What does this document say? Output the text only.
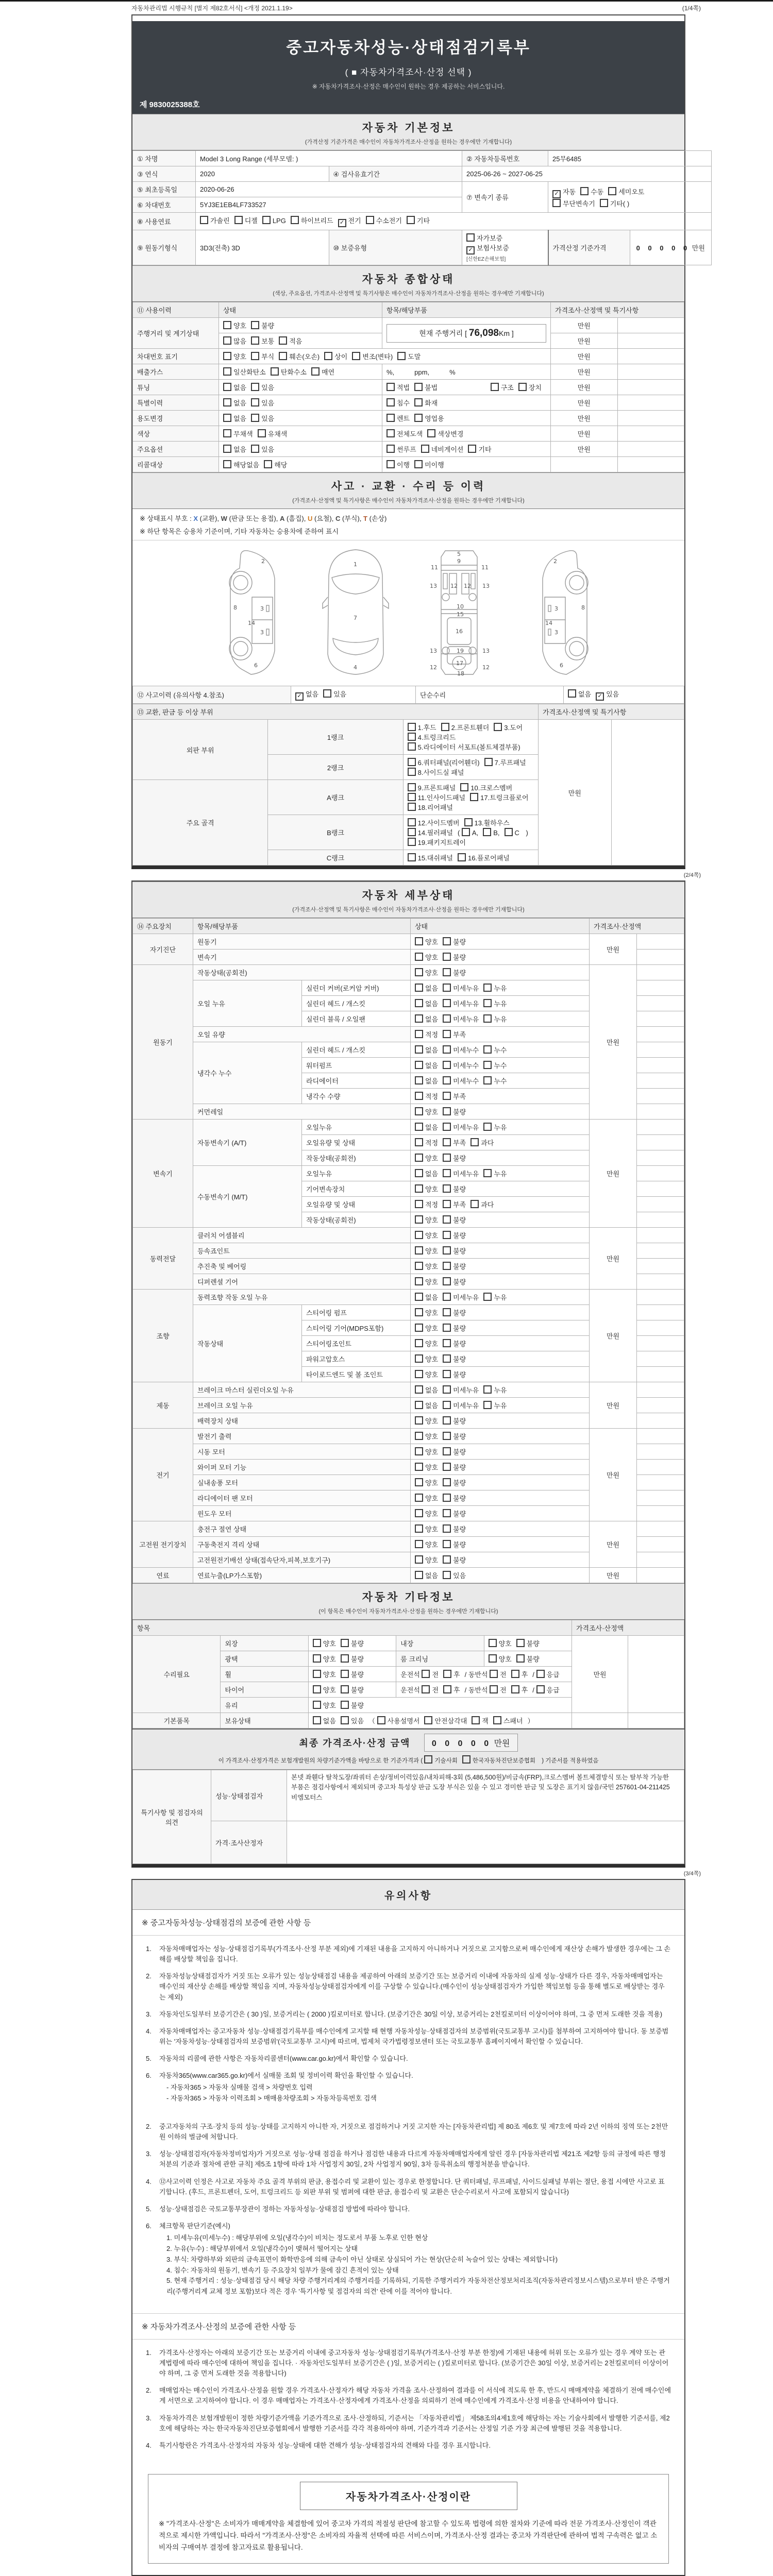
자동차관리법 시행규칙 [별지 제82호서식] <개정 2021.1.19>	(1/4쪽)
중고자동차성능·상태점검기록부
( ■ 자동차가격조사·산정 선택 )
※ 자동차가격조사·산정은 매수인이 원하는 경우 제공하는 서비스입니다.
제 9830025388호
자동차 기본정보
(가격산정 기준가격은 매수인이 자동차가격조사·산정을 원하는 경우에만 기재합니다)
① 차명	Model 3 Long Range (세부모델: )		② 자동차등록번호	25무6485	
③ 연식	2020	④ 검사유효기간	2025-06-26 ~ 2027-06-25		
⑤ 최초등록일	2020-06-26		⑦ 변속기 종류	✓ 자동 수동 세미오토
무단변속기 기타( )	
⑥ 차대번호	5YJ3E1EB4LF733527				
⑧ 사용연료	가솔린 디젤 LPG 하이브리드 ✓ 전기 수소전기 기타				
⑨ 원동기형식	3D3(전축) 3D	⑩ 보증유형	자가보증✓ 보험사보증 [신한EZ손해보험]	가격산정 기준가격	0 0 0 0 0 만원
자동차 종합상태
(색상, 주요옵션, 가격조사·산정액 및 특기사항은 매수인이 자동차가격조사·산정을 원하는 경우에만 기재합니다)
⑪ 사용이력	상태	항목/해당부품	가격조사·산정액 및 특기사항	
주행거리 및 계기상태	양호 불량	현재 주행거리 [ 76,098Km ]	만원	
	많음 보통 적음		만원	
차대번호 표기	양호 부식 훼손(오손) 상이 변조(변타) 도말		만원	
배출가스	일산화탄소 탄화수소 매연	%,　　　ppm,　　　%	만원	
튜닝	없음 있음	적법 불법 구조 장치	만원	
특별이력	없음 있음	침수 화재	만원	
용도변경	없음 있음	렌트 영업용	만원	
색상	무채색 유채색	전체도색 색상변경	만원	
주요옵션	없음 있음	썬루프 네비게이션 기타	만원	
리콜대상	해당없음 해당	이행 미이행		
사고 · 교환 · 수리 등 이력
(가격조사·산정액 및 특기사항은 매수인이 자동차가격조사·산정을 원하는 경우에만 기재합니다)
※ 상태표시 부호 : X (교환), W (판금 또는 용접), A (흠집), U (요철), C (부식), T (손상)
※ 하단 항목은 승용차 기준이며, 기타 자동차는 승용차에 준하여 표시
2
8	3
14
3
6
1
7
4
5
9
11	11
13	13
12 12
10
15
16
19
13	13
12	12
17
18
2
8
3
14
3
6
⑫ 사고이력 (유의사항 4.참조)	✓ 없음 있음	단순수리	없음 ✓ 있음
⑬ 교환, 판금 등 이상 부위			가격조사·산정액 및 특기사항	
외판 부위	1랭크	1.후드 2.프론트휀더 3.도어4.트렁크리드
5.라디에이터 서포트(볼트체결부품)	만원	
	2랭크	6.쿼터패널(리어휀더) 7.루프패널8.사이드실 패널		
주요 골격	A랭크	9.프론트패널 10.크로스멤버11.인사이드패널 17.트렁크플로어
18.리어패널		
	B랭크	12.사이드멤버 13.휠하우스14.필러패널 ( A, B, C )
19.패키지트레이		
	C랭크	15.대쉬패널 16.플로어패널		
(2/4쪽)
자동차 세부상태
(가격조사·산정액 및 특기사항은 매수인이 자동차가격조사·산정을 원하는 경우에만 기재합니다)
⑭ 주요장치	항목/해당부품		상태	가격조사·산정액	
자기진단	원동기		양호 불량	만원	
	변속기		양호 불량		
원동기	작동상태(공회전)		양호 불량	만원	
	오일 누유	실린더 커버(로커암 커버)	없음 미세누유 누유		
		실린더 헤드 / 개스킷	없음 미세누유 누유		
		실린더 블록 / 오일팬	없음 미세누유 누유		
	오일 유량		적정 부족		
	냉각수 누수	실린더 헤드 / 개스킷	없음 미세누수 누수		
		워터펌프	없음 미세누수 누수		
		라디에이터	없음 미세누수 누수		
		냉각수 수량	적정 부족		
	커먼레일		양호 불량		
변속기	자동변속기 (A/T)	오일누유	없음 미세누유 누유	만원	
		오일유량 및 상태	적정 부족 과다		
		작동상태(공회전)	양호 불량		
	수동변속기 (M/T)	오일누유	없음 미세누유 누유		
		기어변속장치	양호 불량		
		오일유량 및 상태	적정 부족 과다		
		작동상태(공회전)	양호 불량		
동력전달	클러치 어셈블리		양호 불량	만원	
	등속죠인트		양호 불량		
	추진축 및 베어링		양호 불량		
	디퍼렌셜 기어		양호 불량		
조향	동력조향 작동 오일 누유		없음 미세누유 누유	만원	
	작동상태	스티어링 펌프	양호 불량		
		스티어링 기어(MDPS포함)	양호 불량		
		스티어링조인트	양호 불량		
		파워고압호스	양호 불량		
		타이로드엔드 및 볼 조인트	양호 불량		
제동	브레이크 마스터 실린더오일 누유		없음 미세누유 누유	만원	
	브레이크 오일 누유		없음 미세누유 누유		
	배력장치 상태		양호 불량		
전기	발전기 출력		양호 불량	만원	
	시동 모터		양호 불량		
	와이퍼 모터 기능		양호 불량		
	실내송풍 모터		양호 불량		
	라디에이터 팬 모터		양호 불량		
	윈도우 모터		양호 불량		
고전원 전기장치	충전구 절연 상태		양호 불량	만원	
	구동축전지 격리 상태		양호 불량		
	고전원전기배선 상태(접속단자,피복,보호기구)		양호 불량		
연료	연료누출(LP가스포함)		없음 있음	만원	
자동차 기타정보
(이 항목은 매수인이 자동차가격조사·산정을 원하는 경우에만 기재합니다)
항목					가격조사·산정액	
수리필요	외장	양호 불량	내장	양호 불량	만원	
	광택	양호 불량	룸 크리닝	양호 불량		
	휠	양호 불량	운전석 전 후 / 동반석 전 후 / 응급			
	타이어	양호 불량	운전석 전 후 / 동반석 전 후 / 응급			
	유리	양호 불량				
기본품목	보유상태	없음 있음 （ 사용설명서 안전삼각대 잭 스패너 ）				
최종 가격조사·산정 금액	0 0 0 0 0 만원
이 가격조사·산정가격은 보험개발원의 차량기준가액을 바탕으로 한 기준가격과 ( 기술사회	한국자동차진단보증협회 ) 기준서를 적용하였음
특기사항 및 점검자의 의견	성능·상태점검자	본넷 좌휀다 탈착도장/좌쿼터 손상/정비이력있음/내차피해-3회 (5,486,500원)/비금속(FRP),크로스멤버 볼트체결방식 또는 탈부착 가능한 부품은 점검사항에서 제외되며 중고차 특성상 판금 도장 부식은 있을 수 있고 경미한 판금 및 도장은 표기치 않음/국민 257601-04-211425 비엠모터스
	가격·조사산정자	
(3/4쪽)
유의사항
※ 중고자동차성능·상태점검의 보증에 관한 사항 등
1.	자동차매매업자는 성능·상태점검기록부(가격조사·산정 부분 제외)에 기재된 내용을 고지하지 아니하거나 거짓으로 고지함으로써 매수인에게 재산상 손해가 발생한 경우에는 그 손해를 배상할 책임을 집니다.
2.	자동차성능상태점검자가 거짓 또는 오류가 있는 성능상태점검 내용을 제공하여 아래의 보증기간 또는 보증거리 이내에 자동차의 실제 성능·상태가 다른 경우, 자동차매매업자는 매수인의 재산상 손해를 배상할 책임을 지며, 자동차성능상태점검자에게 이를 구상할 수 있습니다.(매수인이 성능상태점검자가 가입한 책임보험 등을 통해 별도로 배상받는 경우는 제외)
3.	자동차인도일부터 보증기간은 ( 30 )일, 보증거리는 ( 2000 )킬로미터로 합니다. (보증기간은 30일 이상, 보증거리는 2천킬로미터 이상이어야 하며, 그 중 먼저 도래한 것을 적용)
4.	자동차매매업자는 중고자동차 성능·상태점검기록부를 매수인에게 고지할 때 현행 자동차성능·상태점검자의 보증범위(국토교통부 고시)를 첨부하여 고지하여야 합니다. 동 보증범위는 '자동차성능·상태점검자의 보증범위'(국토교통부 고시)에 따르며, 법제처 국가법령정보센터 또는 국토교통부 홈페이지에서 확인할 수 있습니다.
5.	자동차의 리콜에 관한 사항은 자동차리콜센터(www.car.go.kr)에서 확인할 수 있습니다.
6.	자동차365(www.car365.go.kr)에서 실매물 조회 및 정비이력 확인을 확인할 수 있습니다.
- 자동차365 > 자동차 실매물 검색 > 차량번호 입력
- 자동차365 > 자동차 이력조회 > 매매용차량조회 > 자동차등록번호 검색
2.	중고자동차의 구조·장치 등의 성능·상태를 고지하지 아니한 자, 거짓으로 점검하거나 거짓 고지한 자는 [자동차관리법] 제 80조 제6호 및 제7호에 따라 2년 이하의 징역 또는 2천만원 이하의 벌금에 처합니다.
3.	성능·상태점검자(자동차정비업자)가 거짓으로 성능·상태 점검을 하거나 점검한 내용과 다르게 자동차매매업자에게 알린 경우 [자동차관리법 제21조 제2항 등의 규정에 따른 행정처분의 기준과 절차에 관한 규칙] 제5조 1항에 따라 1차 사업정지 30일, 2차 사업정지 90일, 3차 등록취소의 행정처분을 받습니다.
4.	⑫사고이력 인정은 사고로 자동차 주요 골격 부위의 판금, 용접수리 및 교환이 있는 경우로 한정합니다. 단 쿼터패널, 루프패널, 사이드실패널 부위는 절단, 용접 시에만 사고로 표기합니다. (후드, 프론트펜더, 도어, 트렁크리드 등 외판 부위 및 범퍼에 대한 판금, 용접수리 및 교환은 단순수리로서 사고에 포함되지 않습니다)
5.	성능·상태점검은 국토교통부장관이 정하는 자동차성능·상태점검 방법에 따라야 합니다.
6.	체크항목 판단기준(예시)
1. 미세누유(미세누수) : 해당부위에 오일(냉각수)이 비치는 정도로서 부품 노후로 인한 현상
2. 누유(누수) : 해당부위에서 오일(냉각수)이 맺혀서 떨어지는 상태
3. 부식: 차량하부와 외판의 금속표면이 화학반응에 의해 금속이 아닌 상태로 상실되어 가는 현상(단순히 녹슬어 있는 상태는 제외합니다)
4. 침수: 자동차의 원동기, 변속기 등 주요장치 일부가 물에 잠긴 흔적이 있는 상태
5. 현재 주행거리 : 성능·상태점검 당시 해당 차량 주행거리계의 주행거리를 기록하되, 기록한 주행거리가 자동차전산정보처리조직(자동차관리정보시스템)으로부터 받은 주행거리(주행거리계 교체 정보 포함)보다 적은 경우 '특기사항 및 점검자의 의견' 란에 이를 적어야 합니다.
※ 자동차가격조사·산정의 보증에 관한 사항 등
1.	가격조사·산정자는 아래의 보증기간 또는 보증거리 이내에 중고자동차 성능·상태점검기록부(가격조사·산정 부분 한정)에 기재된 내용에 허위 또는 오류가 있는 경우 계약 또는 관계법령에 따라 매수인에 대하여 책임을 집니다. · 자동차인도일부터 보증기간은 ( )일, 보증거리는 ( )킬로미터로 합니다. (보증기간은 30일 이상, 보증거리는 2천킬로미터 이상이어야 하며, 그 중 먼저 도래한 것을 적용합니다)
2.	매매업자는 매수인이 가격조사·산정을 원할 경우 가격조사·산정자가 해당 자동차 가격을 조사·산정하여 결과를 이 서식에 적도록 한 후, 반드시 매매계약을 체결하기 전에 매수인에게 서면으로 고지하여야 합니다. 이 경우 매매업자는 가격조사·산정자에게 가격조사·산정을 의뢰하기 전에 매수인에게 가격조사·산정 비용을 안내하여야 합니다.
3.	자동차가격은 보험개발원이 정한 차량기준가액을 기준가격으로 조사·산정하되, 기준서는 「자동차관리법」 제58조의4제1호에 해당하는 자는 기술사회에서 발행한 기준서를, 제2호에 해당하는 자는 한국자동차진단보증협회에서 발행한 기준서를 각각 적용하여야 하며, 기준가격과 기준서는 산정일 기준 가장 최근에 발행된 것을 적용합니다.
4.	특기사항란은 가격조사·산정자의 자동차 성능·상태에 대한 견해가 성능·상태점검자의 견해와 다를 경우 표시합니다.
자동차가격조사·산정이란
※ "가격조사·산정"은 소비자가 매매계약을 체결함에 있어 중고차 가격의 적절성 판단에 참고할 수 있도록 법령에 의한 절차와 기준에 따라 전문 가격조사·산정인이 객관적으로 제시한 가액입니다. 따라서 "가격조사·산정"은 소비자의 자율적 선택에 따른 서비스이며, 가격조사·산정 결과는 중고차 가격판단에 관하여 법적 구속력은 없고 소비자의 구매여부 결정에 참고자료로 활용됩니다.
